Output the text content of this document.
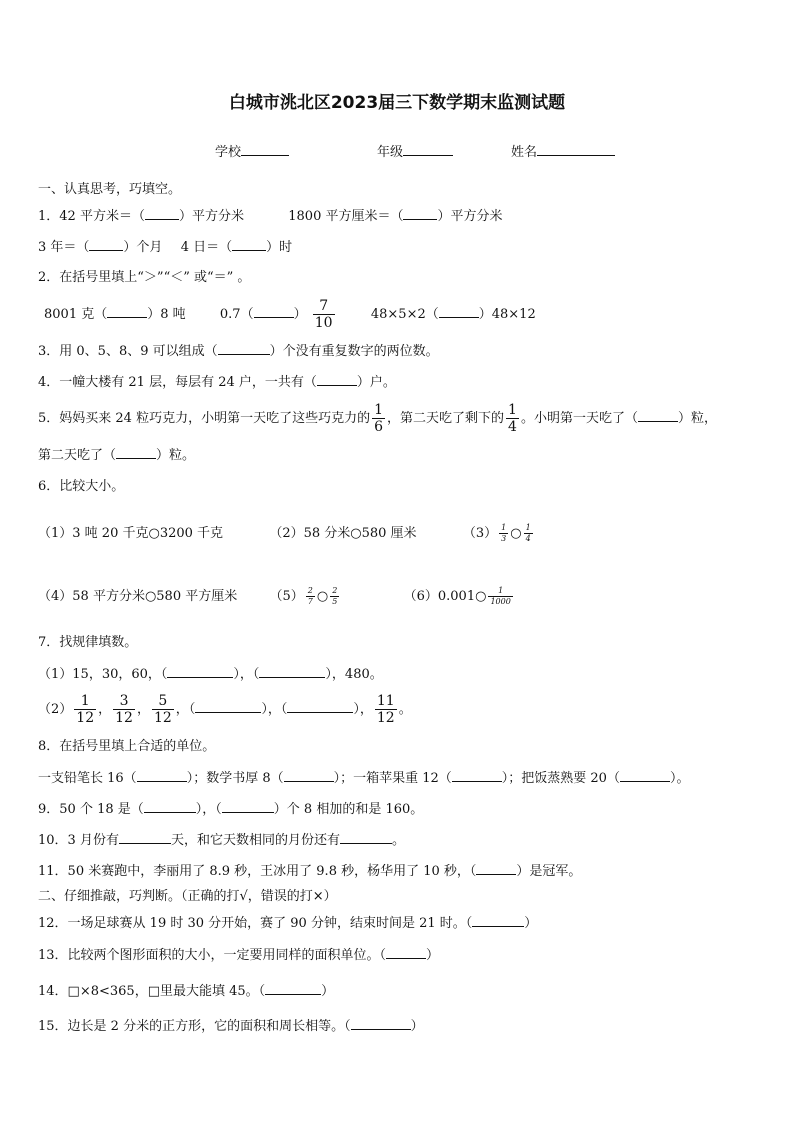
白城市洮北区2023届三下数学期末监测试题
学校	年级	姓名
一、认真思考，巧填空。
1．42 平方米＝（	）平方分米	1800 平方厘米＝（	）平方分米
3 年＝（	）个月 4 日＝（	）时
2．在括号里填上“＞”“＜” 或“＝” 。
8001 克（	）8 吨	0.7（	） $\frac{7}{10}$	48×5×2（	）48×12
3．用 0、5、8、9 可以组成（	）个没有重复数字的两位数。
4．一幢大楼有 21 层，每层有 24 户，一共有（	）户。
5．妈妈买来 24 粒巧克力，小明第一天吃了这些巧克力的 $\frac{1}{6}$ ，第二天吃了剩下的 $\frac{1}{4}$ 。小明第一天吃了（	）粒，
第二天吃了（	）粒。
6．比较大小。
（1）3 吨 20 千克○3200 千克	（2）58 分米○580 厘米	$(3) \frac{1}{3}$ ○ $\frac{1}{4}$
（4）58 平方分米○580 平方厘米 $(5) \frac{2}{7}$ ○ $\frac{2}{5}$	（6）0.001○ $\frac{1}{1000}$
7．找规律填数。
（1）15，30，60，（	），（	），480。
$(2) \frac{1}{12}$ ， $\frac{3}{12}$ ， $\frac{5}{12}$ ，（	），（	）， $\frac{11}{12}$ 。
8．在括号里填上合适的单位。
一支铅笔长 16（	）；数学书厚 8（	）；一箱苹果重 12（	）；把饭蒸熟要 20（	）。
9．50 个 18 是（	），（	）个 8 相加的和是 160。
10．3 月份有	天，和它天数相同的月份还有	。
11．50 米赛跑中，李丽用了 8.9 秒，王冰用了 9.8 秒，杨华用了 10 秒，（	）是冠军。
二、仔细推敲，巧判断。（正确的打√，错误的打×）
12．一场足球赛从 19 时 30 分开始，赛了 90 分钟，结束时间是 21 时。（	）
13．比较两个图形面积的大小，一定要用同样的面积单位。（	）
14．□×8<365，□里最大能填 45。（	）
15．边长是 2 分米的正方形，它的面积和周长相等。（	）
